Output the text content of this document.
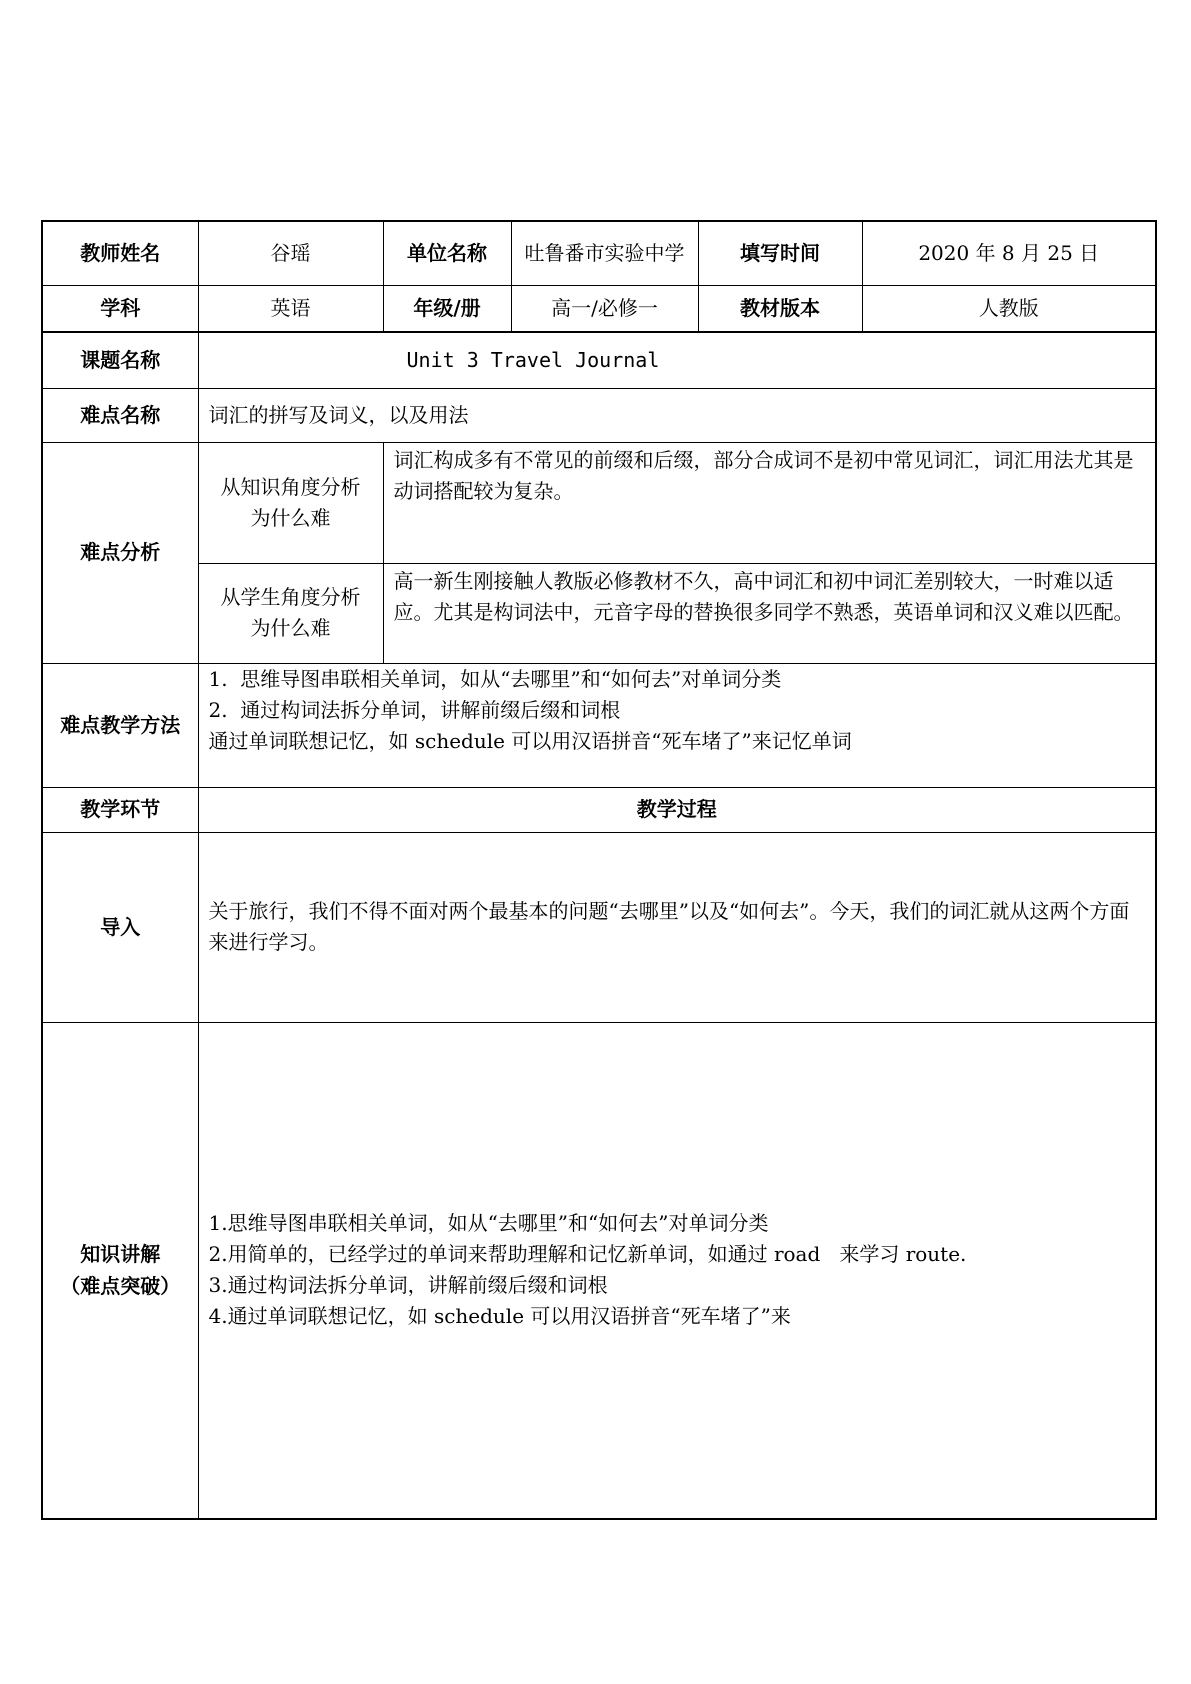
教师姓名	谷瑶	单位名称	吐鲁番市实验中学	填写时间	2020 年 8 月 25 日
学科	英语	年级/册	高一/必修一	教材版本	人教版
课题名称	Unit 3 Travel Journal				
难点名称	词汇的拼写及词义，以及用法				
难点分析	从知识角度分析为什么难	词汇构成多有不常见的前缀和后缀，部分合成词不是初中常见词汇，词汇用法尤其是动词搭配较为复杂。			
	从学生角度分析为什么难	高一新生刚接触人教版必修教材不久，高中词汇和初中词汇差别较大，一时难以适应。尤其是构词法中，元音字母的替换很多同学不熟悉，英语单词和汉义难以匹配。			
难点教学方法	1.  思维导图串联相关单词，如从“去哪里”和“如何去”对单词分类
2.  通过构词法拆分单词，讲解前缀后缀和词根
通过单词联想记忆，如 schedule 可以用汉语拼音“死车堵了”来记忆单词				

教学环节	教学过程				
导入	关于旅行，我们不得不面对两个最基本的问题“去哪里”以及“如何去”。今天，我们的词汇就从这两个方面来进行学习。				

知识讲解
（难点突破）	1.思维导图串联相关单词，如从“去哪里”和“如何去”对单词分类
2.用简单的，已经学过的单词来帮助理解和记忆新单词，如通过 road   来学习 route.
3.通过构词法拆分单词，讲解前缀后缀和词根
4.通过单词联想记忆，如 schedule 可以用汉语拼音“死车堵了”来				
